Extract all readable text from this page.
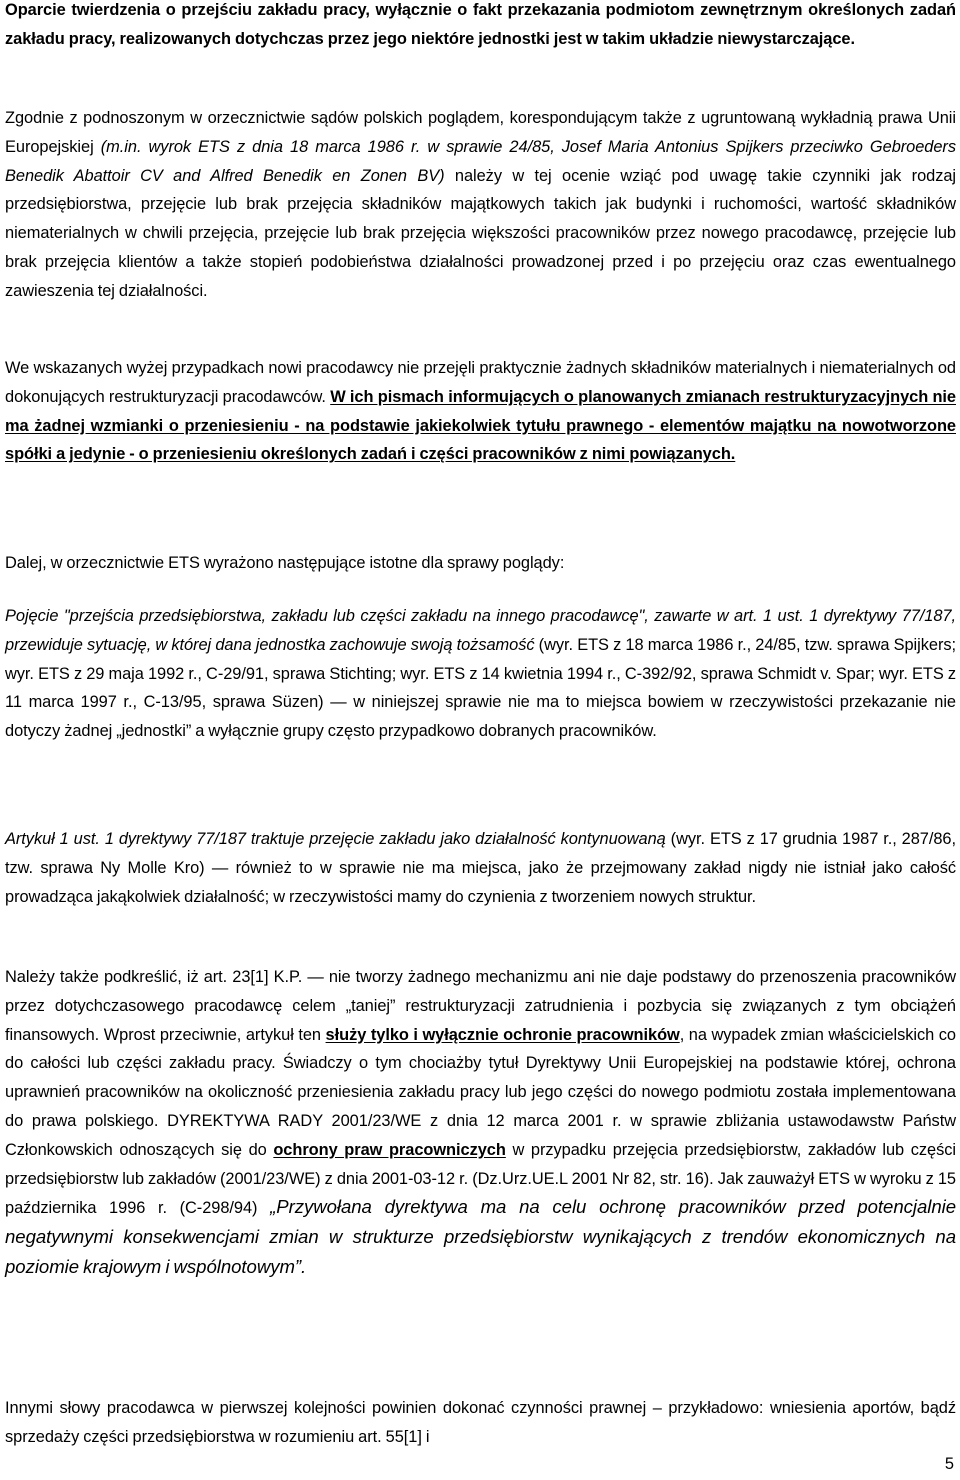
Oparcie twierdzenia o przejściu zakładu pracy, wyłącznie o fakt przekazania podmiotom zewnętrznym określonych zadań zakładu pracy, realizowanych dotychczas przez jego niektóre jednostki jest w takim układzie niewystarczające.

Zgodnie z podnoszonym w orzecznictwie sądów polskich poglądem, korespondującym także z ugruntowaną wykładnią prawa Unii Europejskiej (m.in. wyrok ETS z dnia 18 marca 1986 r. w sprawie 24/85, Josef Maria Antonius Spijkers przeciwko Gebroeders Benedik Abattoir CV and Alfred Benedik en Zonen BV) należy w tej ocenie wziąć pod uwagę takie czynniki jak rodzaj przedsiębiorstwa, przejęcie lub brak przejęcia składników majątkowych takich jak budynki i ruchomości, wartość składników niematerialnych w chwili przejęcia, przejęcie lub brak przejęcia większości pracowników przez nowego pracodawcę, przejęcie lub brak przejęcia klientów a także stopień podobieństwa działalności prowadzonej przed i po przejęciu oraz czas ewentualnego zawieszenia tej działalności.

We wskazanych wyżej przypadkach nowi pracodawcy nie przejęli praktycznie żadnych składników materialnych i niematerialnych od dokonujących restrukturyzacji pracodawców. W ich pismach informujących o planowanych zmianach restrukturyzacyjnych nie ma żadnej wzmianki o przeniesieniu - na podstawie jakiekolwiek tytułu prawnego - elementów majątku na nowotworzone spółki a jedynie - o przeniesieniu określonych zadań i części pracowników z nimi powiązanych.

Dalej, w orzecznictwie ETS wyrażono następujące istotne dla sprawy poglądy:

Pojęcie "przejścia przedsiębiorstwa, zakładu lub części zakładu na innego pracodawcę", zawarte w art. 1 ust. 1 dyrektywy 77/187, przewiduje sytuację, w której dana jednostka zachowuje swoją tożsamość (wyr. ETS z 18 marca 1986 r., 24/85, tzw. sprawa Spijkers; wyr. ETS z 29 maja 1992 r., C-29/91, sprawa Stichting; wyr. ETS z 14 kwietnia 1994 r., C-392/92, sprawa Schmidt v. Spar; wyr. ETS z 11 marca 1997 r., C-13/95, sprawa Süzen) — w niniejszej sprawie nie ma to miejsca bowiem w rzeczywistości przekazanie nie dotyczy żadnej „jednostki” a wyłącznie grupy często przypadkowo dobranych pracowników.

Artykuł 1 ust. 1 dyrektywy 77/187 traktuje przejęcie zakładu jako działalność kontynuowaną (wyr. ETS z 17 grudnia 1987 r., 287/86, tzw. sprawa Ny Molle Kro) — również to w sprawie nie ma miejsca, jako że przejmowany zakład nigdy nie istniał jako całość prowadząca jakąkolwiek działalność; w rzeczywistości mamy do czynienia z tworzeniem nowych struktur.

Należy także podkreślić, iż art. 23[1] K.P. — nie tworzy żadnego mechanizmu ani nie daje podstawy do przenoszenia pracowników przez dotychczasowego pracodawcę celem „taniej” restrukturyzacji zatrudnienia i pozbycia się związanych z tym obciążeń finansowych. Wprost przeciwnie, artykuł ten służy tylko i wyłącznie ochronie pracowników, na wypadek zmian właścicielskich co do całości lub części zakładu pracy. Świadczy o tym chociażby tytuł Dyrektywy Unii Europejskiej na podstawie której, ochrona uprawnień pracowników na okoliczność przeniesienia zakładu pracy lub jego części do nowego podmiotu została implementowana do prawa polskiego. DYREKTYWA RADY 2001/23/WE z dnia 12 marca 2001 r. w sprawie zbliżania ustawodawstw Państw Członkowskich odnoszących się do ochrony praw pracowniczych w przypadku przejęcia przedsiębiorstw, zakładów lub części przedsiębiorstw lub zakładów (2001/23/WE) z dnia 2001-03-12 r. (Dz.Urz.UE.L 2001 Nr 82, str. 16). Jak zauważył ETS w wyroku z 15 października 1996 r. (C-298/94) „Przywołana dyrektywa ma na celu ochronę pracowników przed potencjalnie negatywnymi konsekwencjami zmian w strukturze przedsiębiorstw wynikających z trendów ekonomicznych na poziomie krajowym i wspólnotowym”.

Innymi słowy pracodawca w pierwszej kolejności powinien dokonać czynności prawnej – przykładowo: wniesienia aportów, bądź sprzedaży części przedsiębiorstwa w rozumieniu art. 55[1] i

5
